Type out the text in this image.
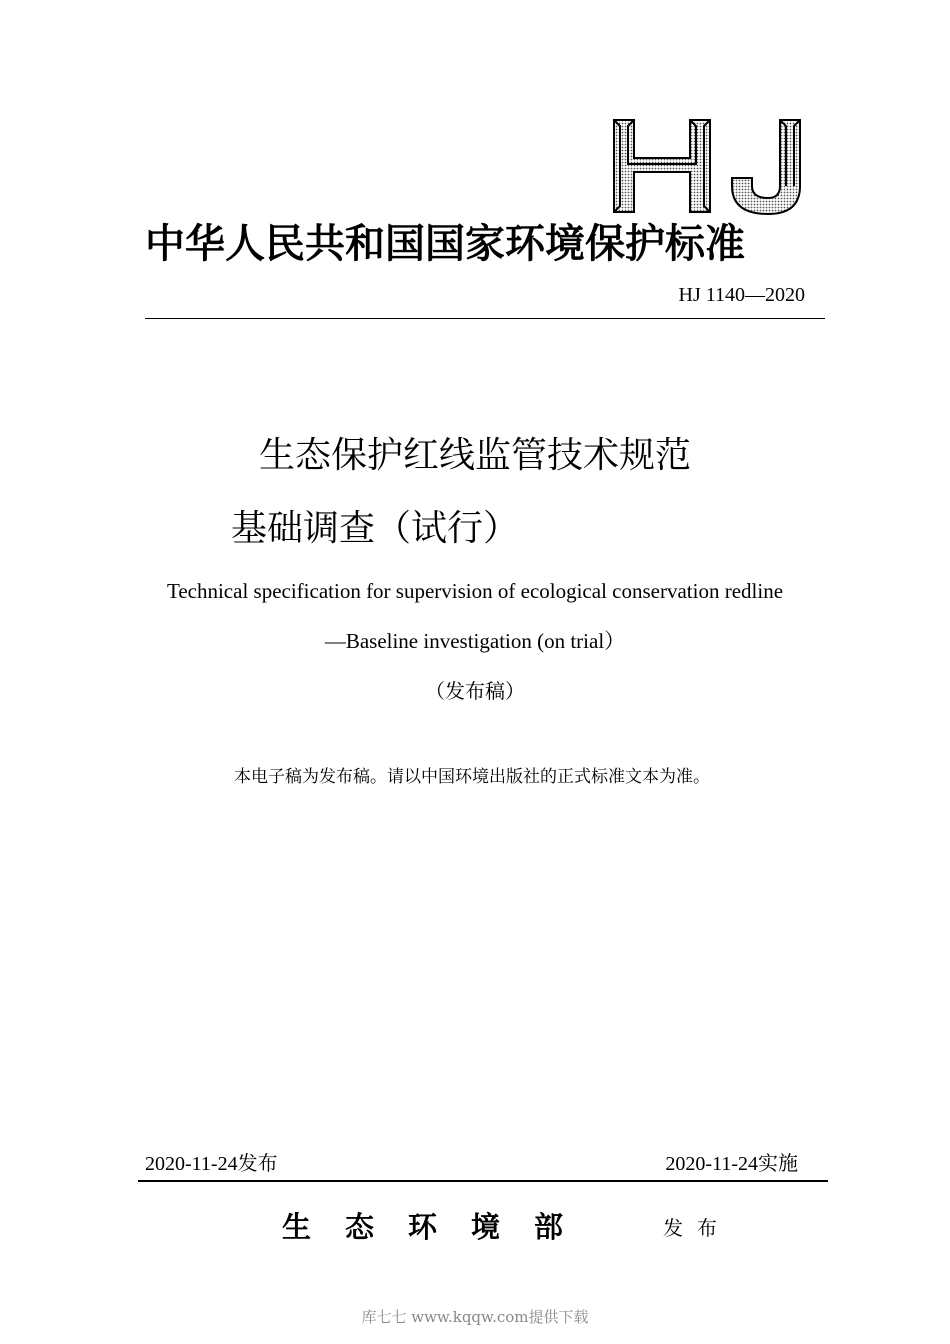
中华人民共和国国家环境保护标准
HJ 1140—2020
生态保护红线监管技术规范
基础调查（试行）
Technical specification for supervision of ecological conservation redline
—Baseline investigation (on trial）
（发布稿）
本电子稿为发布稿。请以中国环境出版社的正式标准文本为准。
2020-11-24发布	2020-11-24实施
生态环境部	发布
库七七 www.kqqw.com提供下载
